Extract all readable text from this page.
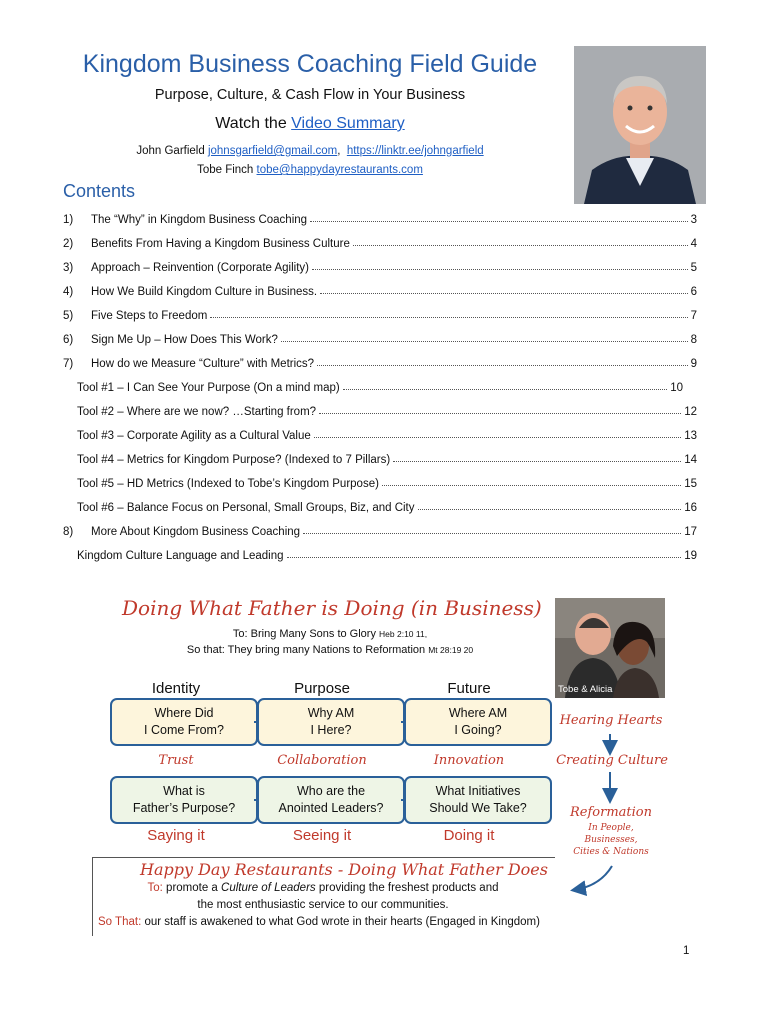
Kingdom Business Coaching Field Guide
Purpose, Culture, & Cash Flow in Your Business
Watch the Video Summary
John Garfield johnsgarfield@gmail.com, https://linktr.ee/johngarfield
Tobe Finch tobe@happydayrestaurants.com
Contents
1)	The “Why” in Kingdom Business Coaching	3
2)	Benefits From Having a Kingdom Business Culture	4
3)	Approach – Reinvention (Corporate Agility)	5
4)	How We Build Kingdom Culture in Business.	6
5)	Five Steps to Freedom	7
6)	Sign Me Up – How Does This Work?	8
7)	How do we Measure “Culture” with Metrics?	9
Tool #1 – I Can See Your Purpose (On a mind map)	10
Tool #2 – Where are we now? …Starting from?	12
Tool #3 – Corporate Agility as a Cultural Value	13
Tool #4 – Metrics for Kingdom Purpose? (Indexed to 7 Pillars)	14
Tool #5 – HD Metrics (Indexed to Tobe’s Kingdom Purpose)	15
Tool #6 – Balance Focus on Personal, Small Groups, Biz, and City	16
8)	More About Kingdom Business Coaching	17
Kingdom Culture Language and Leading	19
Doing What Father is Doing (in Business)
To: Bring Many Sons to Glory Heb 2:10 11,
So that: They bring many Nations to Reformation Mt 28:19 20
Identity	Purpose	Future
Where Did
I Come From?
Why AM
I Here?
Where AM
I Going?
Trust	Collaboration	Innovation
What is
Father’s Purpose?
Who are the
Anointed Leaders?
What Initiatives
Should We Take?
Saying it	Seeing it	Doing it
Tobe & Alicia
Hearing Hearts
Creating Culture
Reformation
In People,
Businesses,
Cities & Nations
Happy Day Restaurants - Doing What Father Does
To: promote a Culture of Leaders providing the freshest products and
the most enthusiastic service to our communities.
So That: our staff is awakened to what God wrote in their hearts (Engaged in Kingdom)
1
